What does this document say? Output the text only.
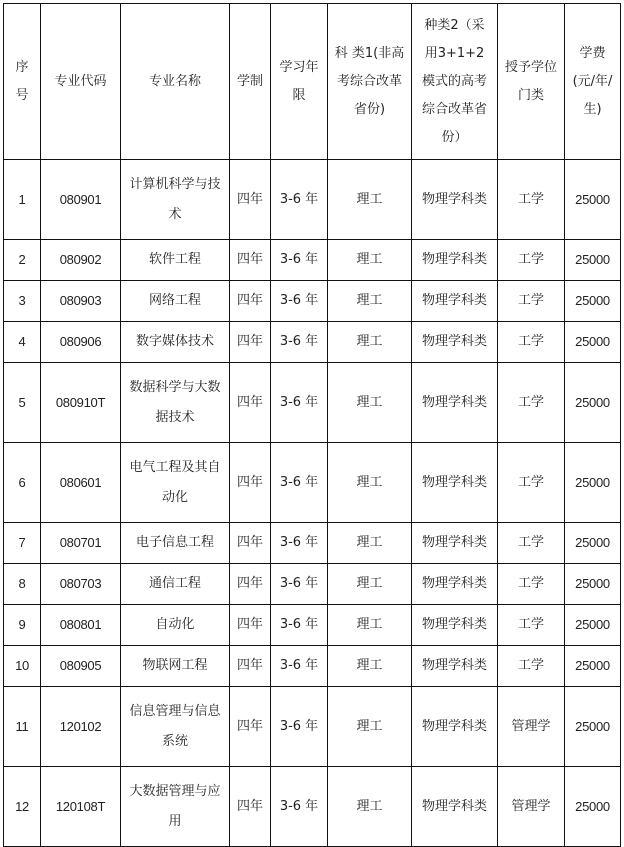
序号	专业代码	专业名称	学制	学习年限	科 类1(非高考综合改革省份)	种类2（采用3+1+2 模式的高考综合改革省份）	授予学位门类	学费(元/年/生)
1	080901	计算机科学与技术	四年	3-6 年	理工	物理学科类	工学	25000
2	080902	软件工程	四年	3-6 年	理工	物理学科类	工学	25000
3	080903	网络工程	四年	3-6 年	理工	物理学科类	工学	25000
4	080906	数字媒体技术	四年	3-6 年	理工	物理学科类	工学	25000
5	080910T	数据科学与大数据技术	四年	3-6 年	理工	物理学科类	工学	25000
6	080601	电气工程及其自动化	四年	3-6 年	理工	物理学科类	工学	25000
7	080701	电子信息工程	四年	3-6 年	理工	物理学科类	工学	25000
8	080703	通信工程	四年	3-6 年	理工	物理学科类	工学	25000
9	080801	自动化	四年	3-6 年	理工	物理学科类	工学	25000
10	080905	物联网工程	四年	3-6 年	理工	物理学科类	工学	25000
11	120102	信息管理与信息系统	四年	3-6 年	理工	物理学科类	管理学	25000
12	120108T	大数据管理与应用	四年	3-6 年	理工	物理学科类	管理学	25000
